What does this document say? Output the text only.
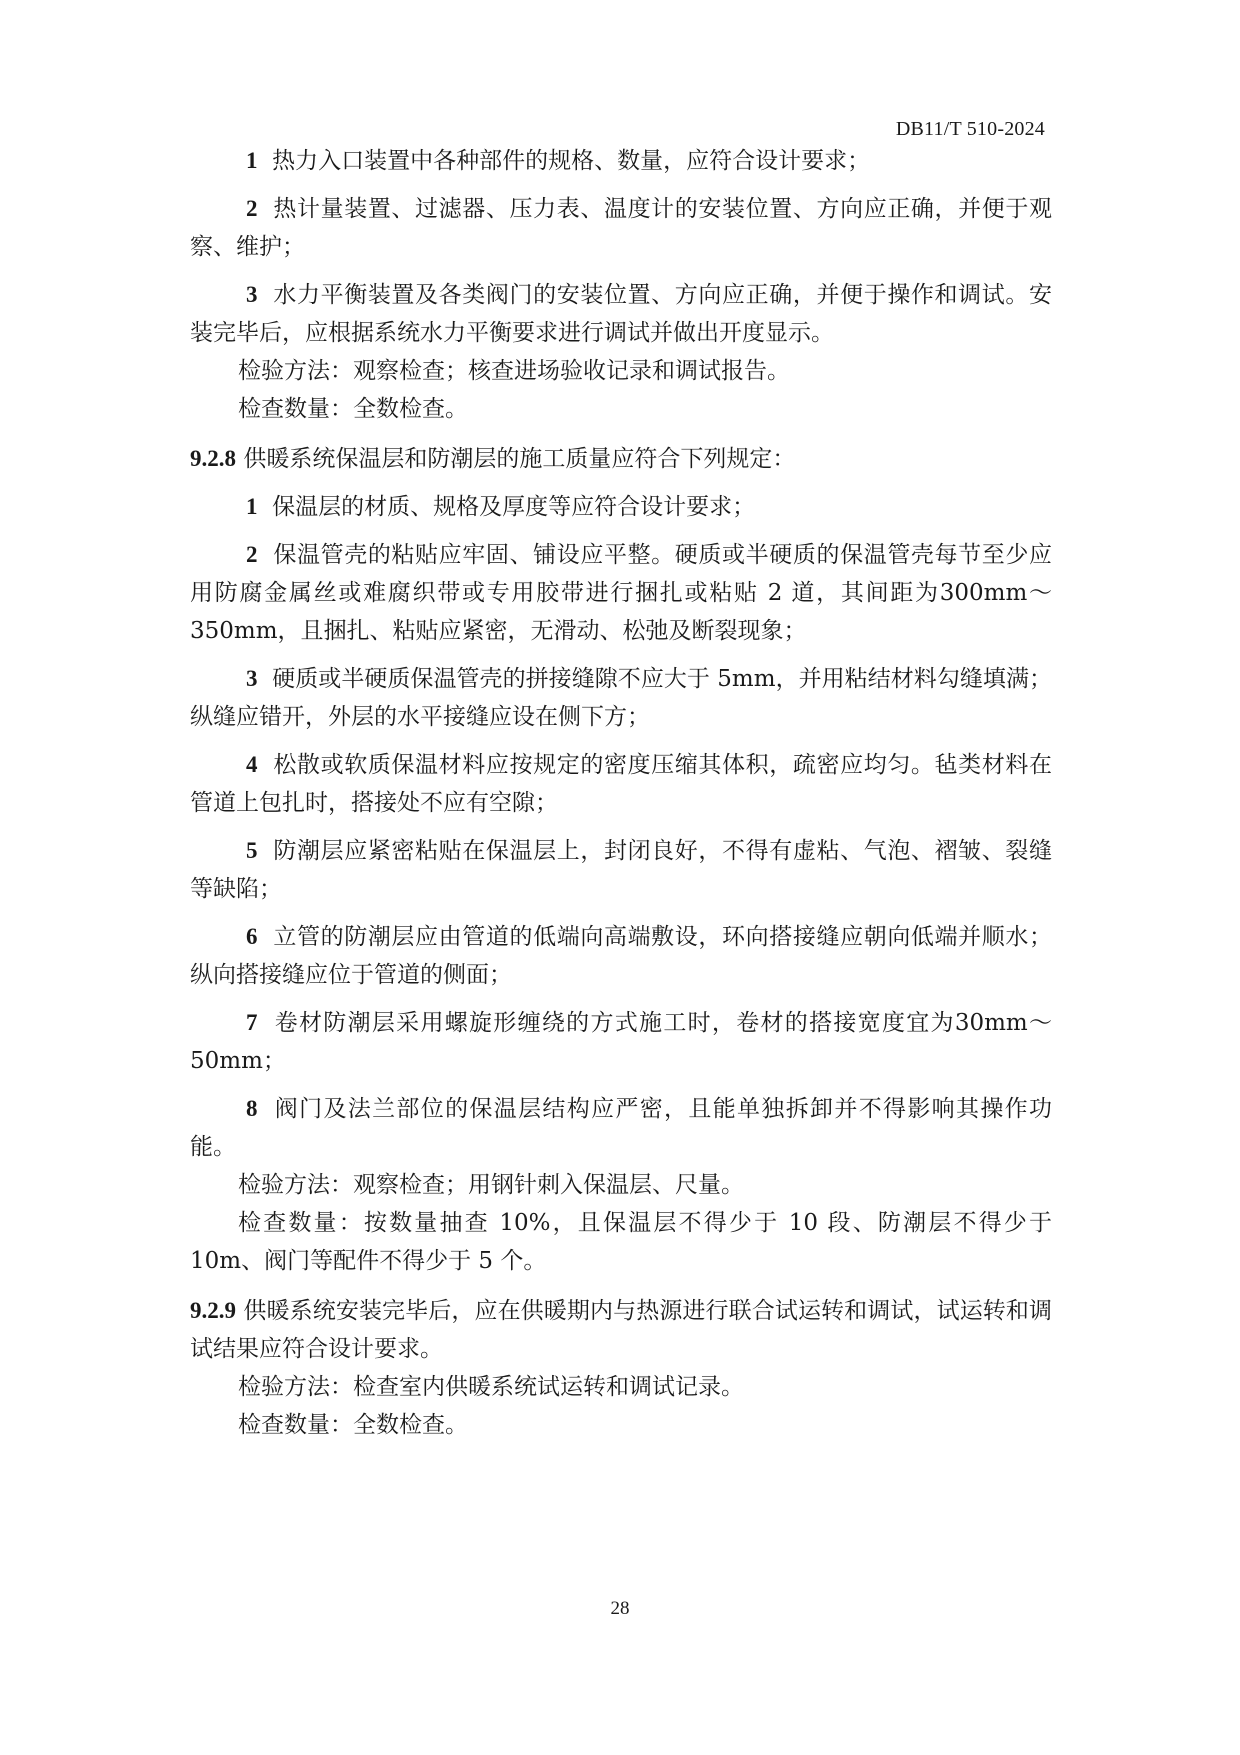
DB11/T 510-2024

1 热力入口装置中各种部件的规格、数量，应符合设计要求；

2 热计量装置、过滤器、压力表、温度计的安装位置、方向应正确，并便于观察、维护；

3 水力平衡装置及各类阀门的安装位置、方向应正确，并便于操作和调试。安装完毕后，应根据系统水力平衡要求进行调试并做出开度显示。

检验方法：观察检查；核查进场验收记录和调试报告。

检查数量：全数检查。

9.2.8 供暖系统保温层和防潮层的施工质量应符合下列规定：

1 保温层的材质、规格及厚度等应符合设计要求；

2 保温管壳的粘贴应牢固、铺设应平整。硬质或半硬质的保温管壳每节至少应用防腐金属丝或难腐织带或专用胶带进行捆扎或粘贴 2 道，其间距为300mm～350mm，且捆扎、粘贴应紧密，无滑动、松弛及断裂现象；

3 硬质或半硬质保温管壳的拼接缝隙不应大于 5mm，并用粘结材料勾缝填满；纵缝应错开，外层的水平接缝应设在侧下方；

4 松散或软质保温材料应按规定的密度压缩其体积，疏密应均匀。毡类材料在管道上包扎时，搭接处不应有空隙；

5 防潮层应紧密粘贴在保温层上，封闭良好，不得有虚粘、气泡、褶皱、裂缝等缺陷；

6 立管的防潮层应由管道的低端向高端敷设，环向搭接缝应朝向低端并顺水；纵向搭接缝应位于管道的侧面；

7 卷材防潮层采用螺旋形缠绕的方式施工时，卷材的搭接宽度宜为30mm～50mm；

8 阀门及法兰部位的保温层结构应严密，且能单独拆卸并不得影响其操作功能。

检验方法：观察检查；用钢针刺入保温层、尺量。

检查数量：按数量抽查 10%，且保温层不得少于 10 段、防潮层不得少于10m、阀门等配件不得少于 5 个。

9.2.9 供暖系统安装完毕后，应在供暖期内与热源进行联合试运转和调试，试运转和调试结果应符合设计要求。

检验方法：检查室内供暖系统试运转和调试记录。

检查数量：全数检查。

28
